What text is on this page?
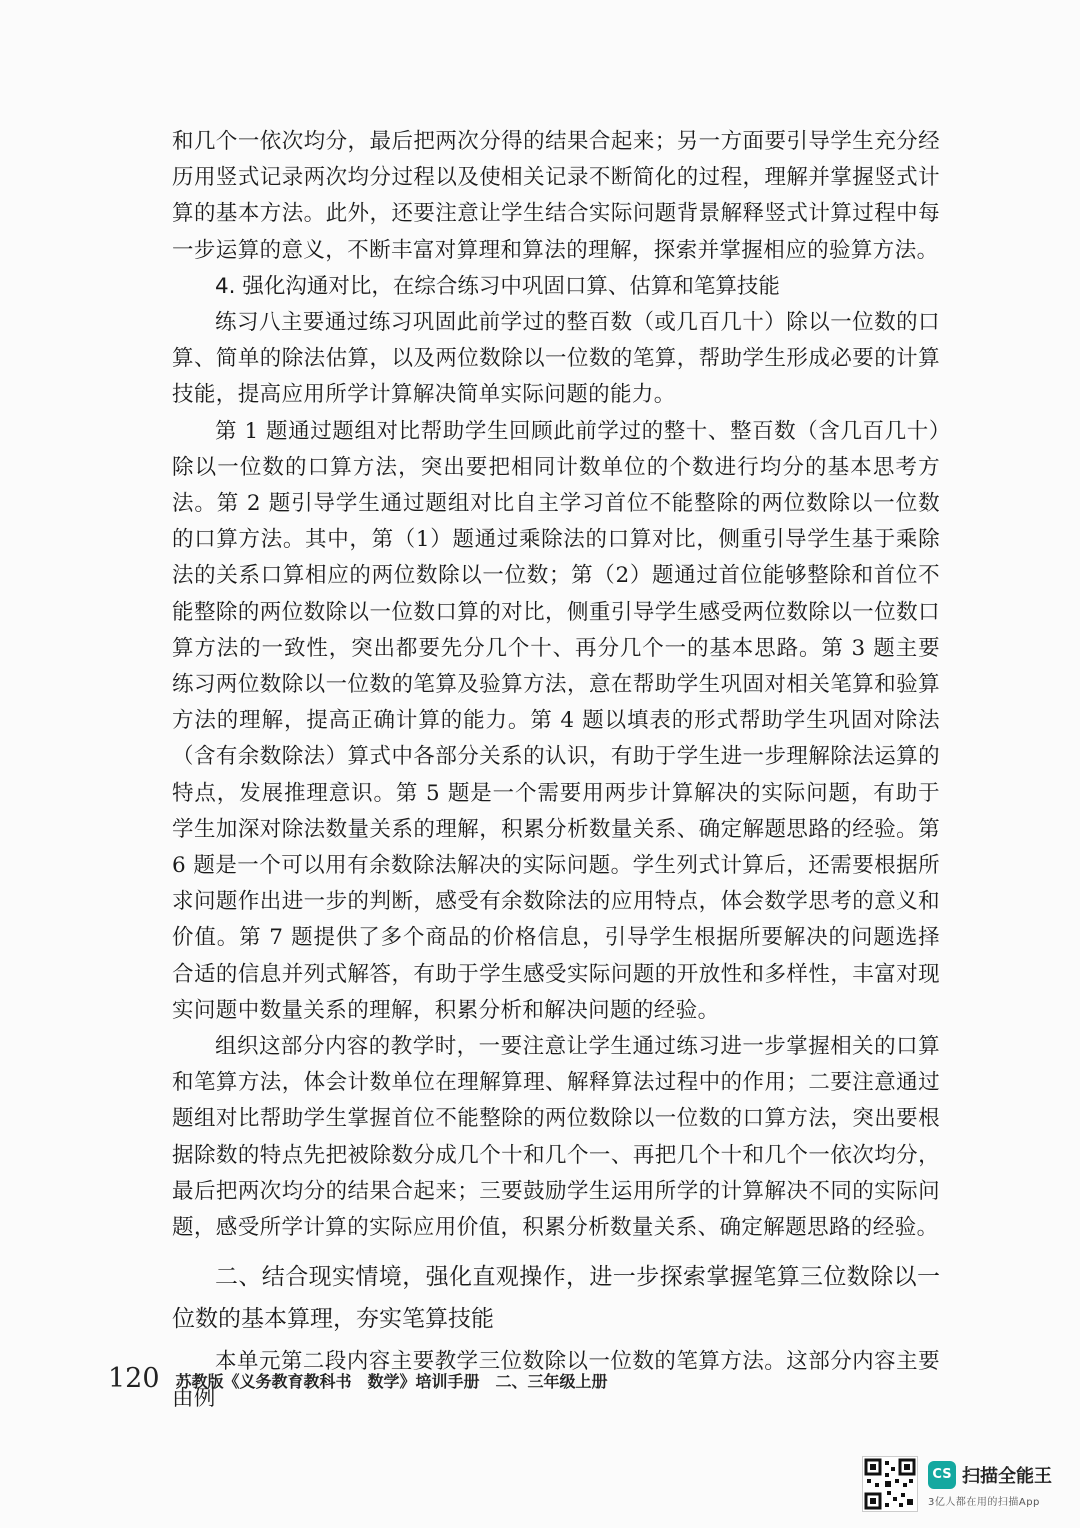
和几个一依次均分，最后把两次分得的结果合起来；另一方面要引导学生充分经历用竖式记录两次均分过程以及使相关记录不断简化的过程，理解并掌握竖式计算的基本方法。此外，还要注意让学生结合实际问题背景解释竖式计算过程中每一步运算的意义，不断丰富对算理和算法的理解，探索并掌握相应的验算方法。

4. 强化沟通对比，在综合练习中巩固口算、估算和笔算技能

练习八主要通过练习巩固此前学过的整百数（或几百几十）除以一位数的口算、简单的除法估算，以及两位数除以一位数的笔算，帮助学生形成必要的计算技能，提高应用所学计算解决简单实际问题的能力。

第 1 题通过题组对比帮助学生回顾此前学过的整十、整百数（含几百几十）除以一位数的口算方法，突出要把相同计数单位的个数进行均分的基本思考方法。第 2 题引导学生通过题组对比自主学习首位不能整除的两位数除以一位数的口算方法。其中，第（1）题通过乘除法的口算对比，侧重引导学生基于乘除法的关系口算相应的两位数除以一位数；第（2）题通过首位能够整除和首位不能整除的两位数除以一位数口算的对比，侧重引导学生感受两位数除以一位数口算方法的一致性，突出都要先分几个十、再分几个一的基本思路。第 3 题主要练习两位数除以一位数的笔算及验算方法，意在帮助学生巩固对相关笔算和验算方法的理解，提高正确计算的能力。第 4 题以填表的形式帮助学生巩固对除法（含有余数除法）算式中各部分关系的认识，有助于学生进一步理解除法运算的特点，发展推理意识。第 5 题是一个需要用两步计算解决的实际问题，有助于学生加深对除法数量关系的理解，积累分析数量关系、确定解题思路的经验。第 6 题是一个可以用有余数除法解决的实际问题。学生列式计算后，还需要根据所求问题作出进一步的判断，感受有余数除法的应用特点，体会数学思考的意义和价值。第 7 题提供了多个商品的价格信息，引导学生根据所要解决的问题选择合适的信息并列式解答，有助于学生感受实际问题的开放性和多样性，丰富对现实问题中数量关系的理解，积累分析和解决问题的经验。

组织这部分内容的教学时，一要注意让学生通过练习进一步掌握相关的口算和笔算方法，体会计数单位在理解算理、解释算法过程中的作用；二要注意通过题组对比帮助学生掌握首位不能整除的两位数除以一位数的口算方法，突出要根据除数的特点先把被除数分成几个十和几个一、再把几个十和几个一依次均分，最后把两次均分的结果合起来；三要鼓励学生运用所学的计算解决不同的实际问题，感受所学计算的实际应用价值，积累分析数量关系、确定解题思路的经验。

二、结合现实情境，强化直观操作，进一步探索掌握笔算三位数除以一位数的基本算理，夯实笔算技能

本单元第二段内容主要教学三位数除以一位数的笔算方法。这部分内容主要由例

120 苏教版《义务教育教科书　数学》培训手册　二、三年级上册
CS 扫描全能王
3亿人都在用的扫描App
